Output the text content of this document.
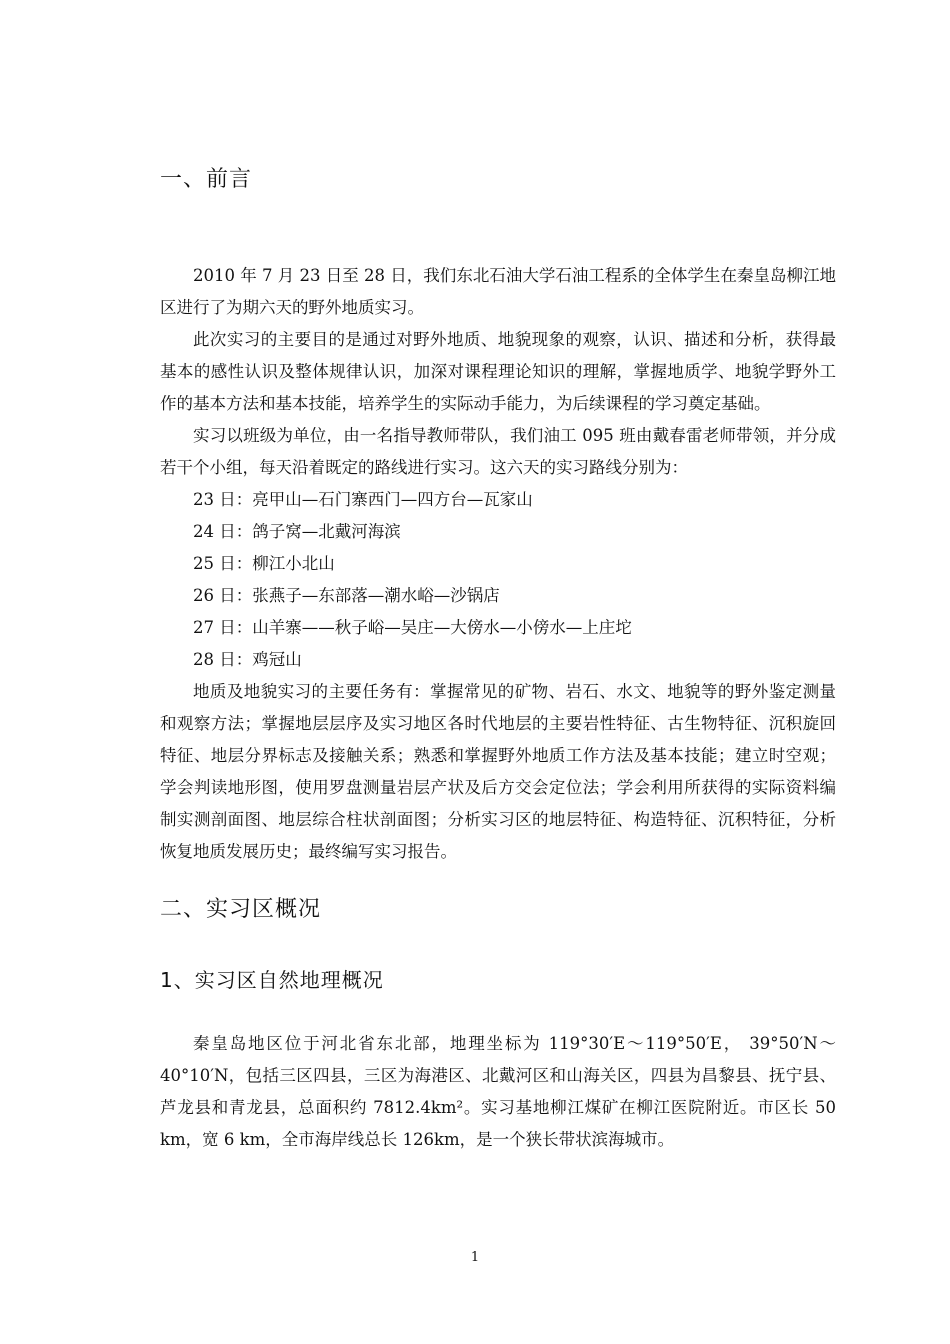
一、前言

2010 年 7 月 23 日至 28 日，我们东北石油大学石油工程系的全体学生在秦皇岛柳江地区进行了为期六天的野外地质实习。

此次实习的主要目的是通过对野外地质、地貌现象的观察，认识、描述和分析，获得最基本的感性认识及整体规律认识，加深对课程理论知识的理解，掌握地质学、地貌学野外工作的基本方法和基本技能，培养学生的实际动手能力，为后续课程的学习奠定基础。

实习以班级为单位，由一名指导教师带队，我们油工 095 班由戴春雷老师带领，并分成若干个小组，每天沿着既定的路线进行实习。这六天的实习路线分别为：

23 日：亮甲山—石门寨西门—四方台—瓦家山
24 日：鸽子窝—北戴河海滨
25 日：柳江小北山
26 日：张燕子—东部落—潮水峪—沙锅店
27 日：山羊寨——秋子峪—吴庄—大傍水—小傍水—上庄坨
28 日：鸡冠山

地质及地貌实习的主要任务有：掌握常见的矿物、岩石、水文、地貌等的野外鉴定测量和观察方法；掌握地层层序及实习地区各时代地层的主要岩性特征、古生物特征、沉积旋回特征、地层分界标志及接触关系；熟悉和掌握野外地质工作方法及基本技能；建立时空观；学会判读地形图，使用罗盘测量岩层产状及后方交会定位法；学会利用所获得的实际资料编制实测剖面图、地层综合柱状剖面图；分析实习区的地层特征、构造特征、沉积特征，分析恢复地质发展历史；最终编写实习报告。

二、实习区概况
1、实习区自然地理概况

秦皇岛地区位于河北省东北部，地理坐标为 119°30′E～119°50′E， 39°50′N～40°10′N，包括三区四县，三区为海港区、北戴河区和山海关区，四县为昌黎县、抚宁县、芦龙县和青龙县，总面积约 7812.4km²。实习基地柳江煤矿在柳江医院附近。市区长 50 km，宽 6 km，全市海岸线总长 126km，是一个狭长带状滨海城市。

1
